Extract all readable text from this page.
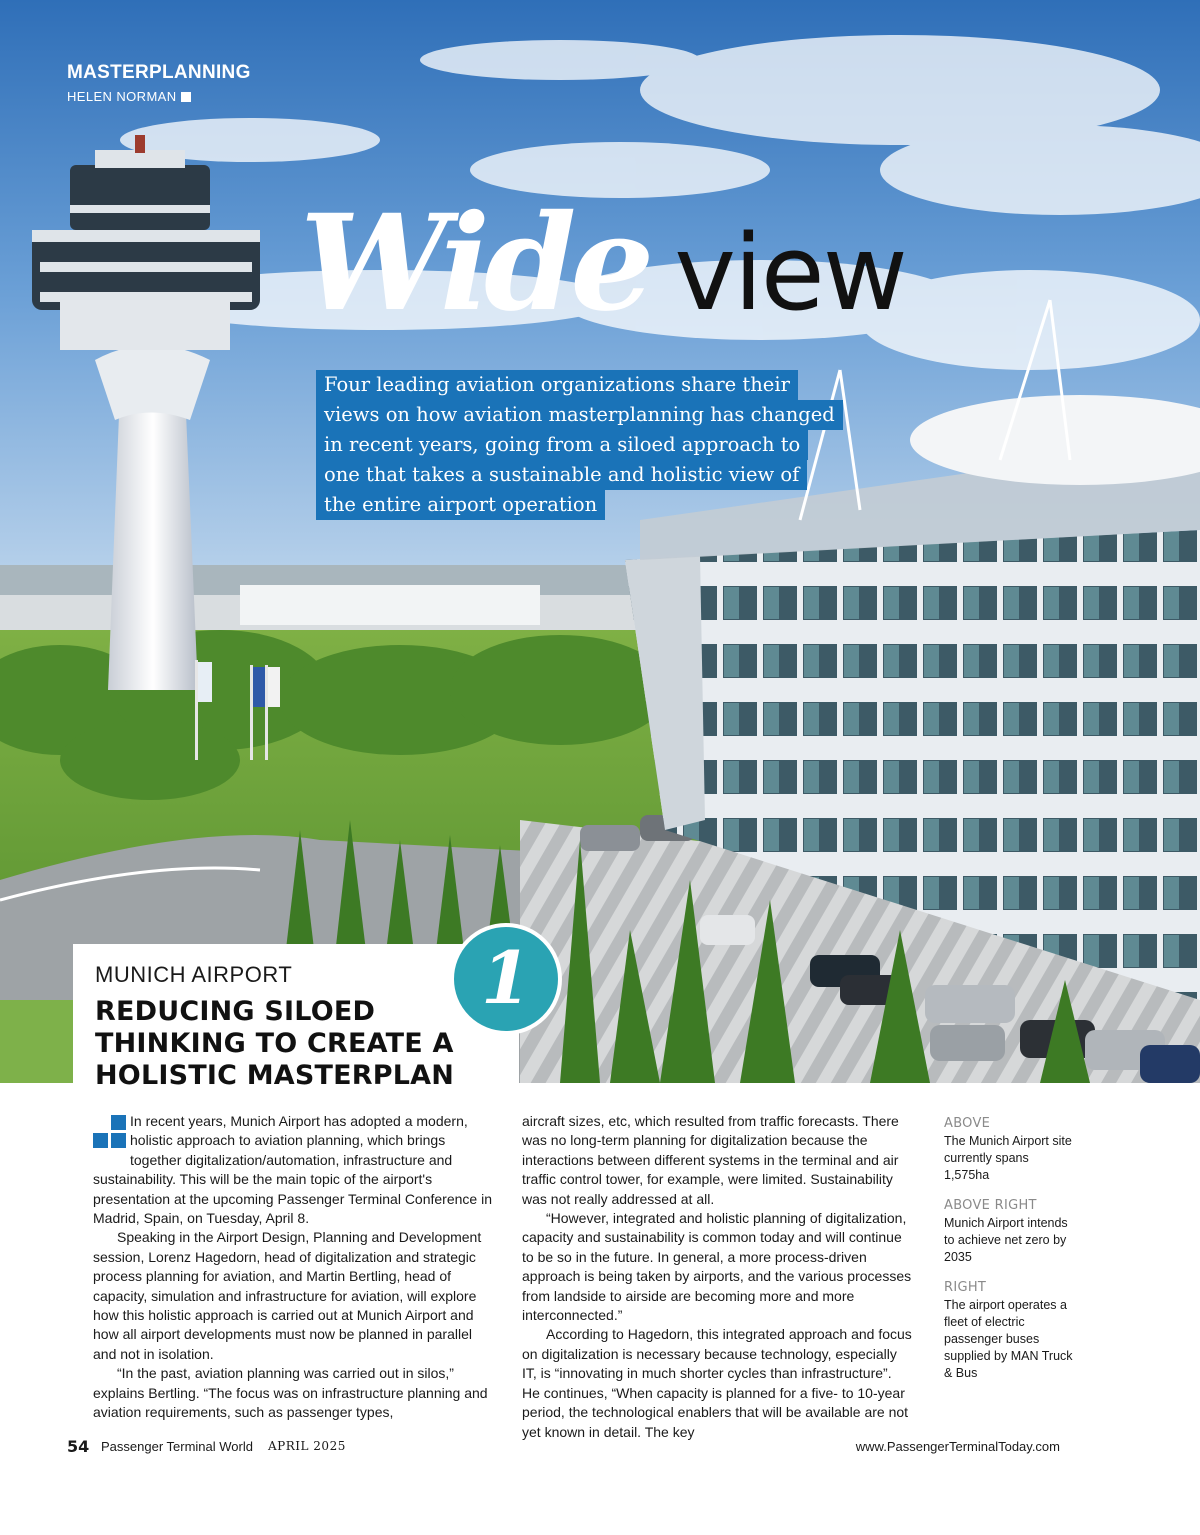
MASTERPLANNING
HELEN NORMAN
Wide view
Four leading aviation organizations share their
views on how aviation masterplanning has changed
in recent years, going from a siloed approach to
one that takes a sustainable and holistic view of
the entire airport operation
MUNICH AIRPORT
REDUCING SILOED THINKING TO CREATE A HOLISTIC MASTERPLAN
1

In recent years, Munich Airport has adopted a modern, holistic approach to aviation planning, which brings together digitalization/automation, infrastructure and sustainability. This will be the main topic of the airport's presentation at the upcoming Passenger Terminal Conference in Madrid, Spain, on Tuesday, April 8.

Speaking in the Airport Design, Planning and Development session, Lorenz Hagedorn, head of digitalization and strategic process planning for aviation, and Martin Bertling, head of capacity, simulation and infrastructure for aviation, will explore how this holistic approach is carried out at Munich Airport and how all airport developments must now be planned in parallel and not in isolation.

“In the past, aviation planning was carried out in silos,” explains Bertling. “The focus was on infrastructure planning and aviation requirements, such as passenger types,

aircraft sizes, etc, which resulted from traffic forecasts. There was no long-term planning for digitalization because the interactions between different systems in the terminal and air traffic control tower, for example, were limited. Sustainability was not really addressed at all.

“However, integrated and holistic planning of digitalization, capacity and sustainability is common today and will continue to be so in the future. In general, a more process-driven approach is being taken by airports, and the various processes from landside to airside are becoming more and more interconnected.”

According to Hagedorn, this integrated approach and focus on digitalization is necessary because technology, especially IT, is “innovating in much shorter cycles than infrastructure”. He continues, “When capacity is planned for a five- to 10-year period, the technological enablers that will be available are not yet known in detail. The key

ABOVE
The Munich Airport site currently spans 1,575ha
ABOVE RIGHT
Munich Airport intends to achieve net zero by 2035
RIGHT
The airport operates a fleet of electric passenger buses supplied by MAN Truck & Bus
54 Passenger Terminal World APRIL 2025	www.PassengerTerminalToday.com
